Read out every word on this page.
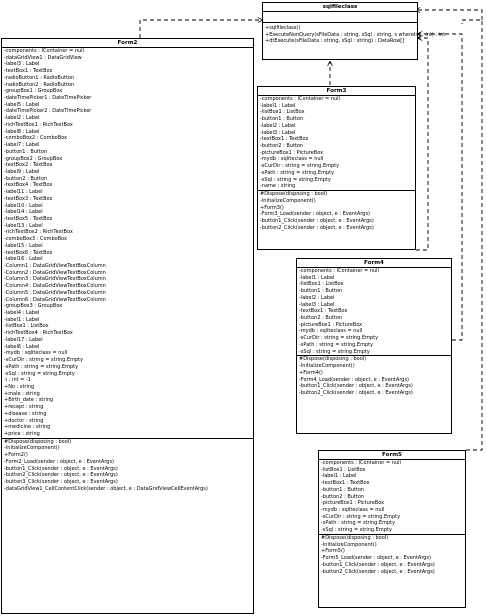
sqlfileclass
+sqlfileclass()
+ExecuteNonQuery(sFileData : string, sSql : string, s whereInt : int) : int
+dtExecute(sFileData : string, sSql : string) : DataRow[]
Form3
-components : IContainer = null
-label1 : Label
-listBox1 : ListBox
-button1 : Button
-label2 : Label
-label3 : Label
-textBox1 : TextBox
-button2 : Button
-pictureBox1 : PictureBox
-mydb : sqliteclass = null
-sCurDir : string = string.Empty
-sPath : string = string.Empty
-sSql : string = string.Empty
-name : string
#Dispose(disposing : bool)
-InitializeComponent()
+Form3()
-Form3_Load(sender : object, e : EventArgs)
-button1_Click(sender : object, e : EventArgs)
-button2_Click(sender : object, e : EventArgs)
Form2
-components : IContainer = null
-dataGridView1 : DataGridView
-label3 : Label
-textBox1 : TextBox
-radioButton1 : RadioButton
-radioButton2 : RadioButton
-groupBox1 : GroupBox
-dateTimePicker1 : DateTimePicker
-label5 : Label
-dateTimePicker2 : DateTimePicker
-label2 : Label
-richTextBox1 : RichTextBox
-label8 : Label
-comboBox2 : ComboBox
-label7 : Label
-button1 : Button
-groupBox2 : GroupBox
-textBox2 : TextBox
-label9 : Label
-button2 : Button
-textBox4 : TextBox
-label11 : Label
-textBox3 : TextBox
-label10 : Label
-label14 : Label
-textBox5 : TextBox
-label13 : Label
-richTextBox2 : RichTextBox
-comboBox3 : ComboBox
-label15 : Label
-textBox6 : TextBox
-label16 : Label
-Column1 : DataGridViewTextBoxColumn
-Column2 : DataGridViewTextBoxColumn
-Column3 : DataGridViewTextBoxColumn
-Column4 : DataGridViewTextBoxColumn
-Column5 : DataGridViewTextBoxColumn
-Column6 : DataGridViewTextBoxColumn
-groupBox3 : GroupBox
-label4 : Label
-label1 : Label
-listBox1 : ListBox
-richTextBox4 : RichTextBox
-label17 : Label
-label6 : Label
-mydb : sqliteclass = null
-sCurDir : string = string.Empty
-sPath : string = string.Empty
-sSql : string = string.Empty
-i : int = -1
+No : string
+male : string
+Birth_date : string
+recept : string
+disease : string
+doctor : string
+medicine : string
+price : string
#Dispose(disposing : bool)
-InitializeComponent()
+Form2()
-Form2_Load(sender : object, e : EventArgs)
-button1_Click(sender : object, e : EventArgs)
-button2_Click(sender : object, e : EventArgs)
-button3_Click(sender : object, e : EventArgs)
-dataGridView1_CellContentClick(sender : object, e : DataGridViewCellEventArgs)
Form4
-components : IContainer = null
-label1 : Label
-listBox1 : ListBox
-button1 : Button
-label2 : Label
-label3 : Label
-textBox1 : TextBox
-button2 : Button
-pictureBox1 : PictureBox
-mydb : sqliteclass = null
-sCurDir : string = string.Empty
-sPath : string = string.Empty
-sSql : string = string.Empty
#Dispose(disposing : bool)
-InitializeComponent()
+Form4()
-Form4_Load(sender : object, e : EventArgs)
-button1_Click(sender : object, e : EventArgs)
-button2_Click(sender : object, e : EventArgs)
Form5
-components : IContainer = null
-listBox1 : ListBox
-label1 : Label
-textBox1 : TextBox
-button1 : Button
-button2 : Button
-pictureBox1 : PictureBox
-mydb : sqliteclass = null
-sCurDir : string = string.Empty
-sPath : string = string.Empty
-sSql : string = string.Empty
#Dispose(disposing : bool)
-InitializeComponent()
+Form5()
-Form5_Load(sender : object, e : EventArgs)
-button1_Click(sender : object, e : EventArgs)
-button2_Click(sender : object, e : EventArgs)
